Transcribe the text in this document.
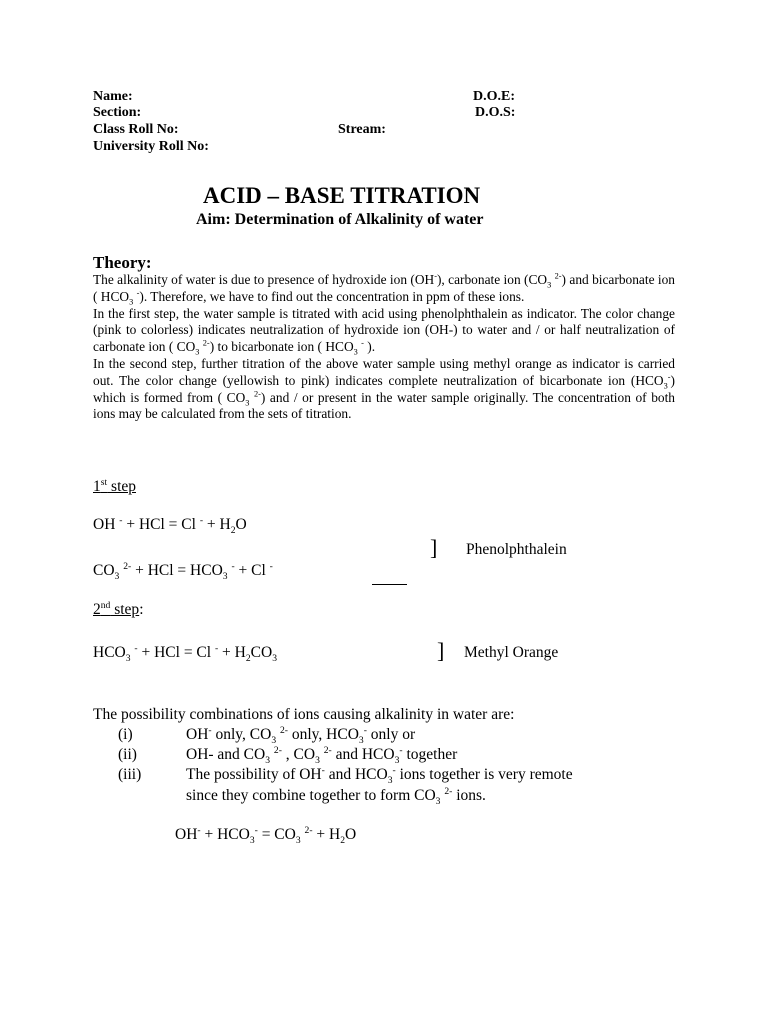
Name:
Section:
Class Roll No:	Stream:
University Roll No:
D.O.E:
D.O.S:
ACID – BASE TITRATION
Aim: Determination of Alkalinity of water
Theory:

The alkalinity of water is due to presence of hydroxide ion (OH-), carbonate ion ($CO_3$ $^{2-}$) and bicarbonate ion ( $HCO_3$ -). Therefore, we have to find out the concentration in ppm of these ions.

In the first step, the water sample is titrated with acid using phenolphthalein as indicator. The color change (pink to colorless) indicates neutralization of hydroxide ion (OH-) to water and / or half neutralization of carbonate ion ( $CO_3$ $^{2-}$) to bicarbonate ion ( $HCO_3$ - ).

In the second step, further titration of the above water sample using methyl orange as indicator is carried out. The color change (yellowish to pink) indicates complete neutralization of bicarbonate ion $(HCO_3^-)$ which is formed from ( $CO_3$ $^{2-}$) and / or present in the water sample originally. The concentration of both ions may be calculated from the sets of titration.

1st step
OH - + HCl = Cl $^- + H_2O$
] Phenolphthalein
$CO_3$ $^{2-}$ + HCl = $HCO_3$ - + Cl -
2nd step:
$HCO_3$ - + HCl = Cl $^- + H_2CO_3$	] Methyl Orange
The possibility combinations of ions causing alkalinity in water are:
(i)	OH- only, $CO_3$ $^{2-}$ only, $HCO_3^-$ only or
(ii)	OH- and $CO_3$ $^{2-}$ , $CO_3$ $^{2-}$ and $HCO_3^-$ together
(iii)	The possibility of OH- and $HCO_3^-$ ions together is very remote
since they combine together to form $CO_3$ $^{2-}$ ions.
$OH^- + HCO_3^- = CO_3$ $^{2-} + H_2O$
